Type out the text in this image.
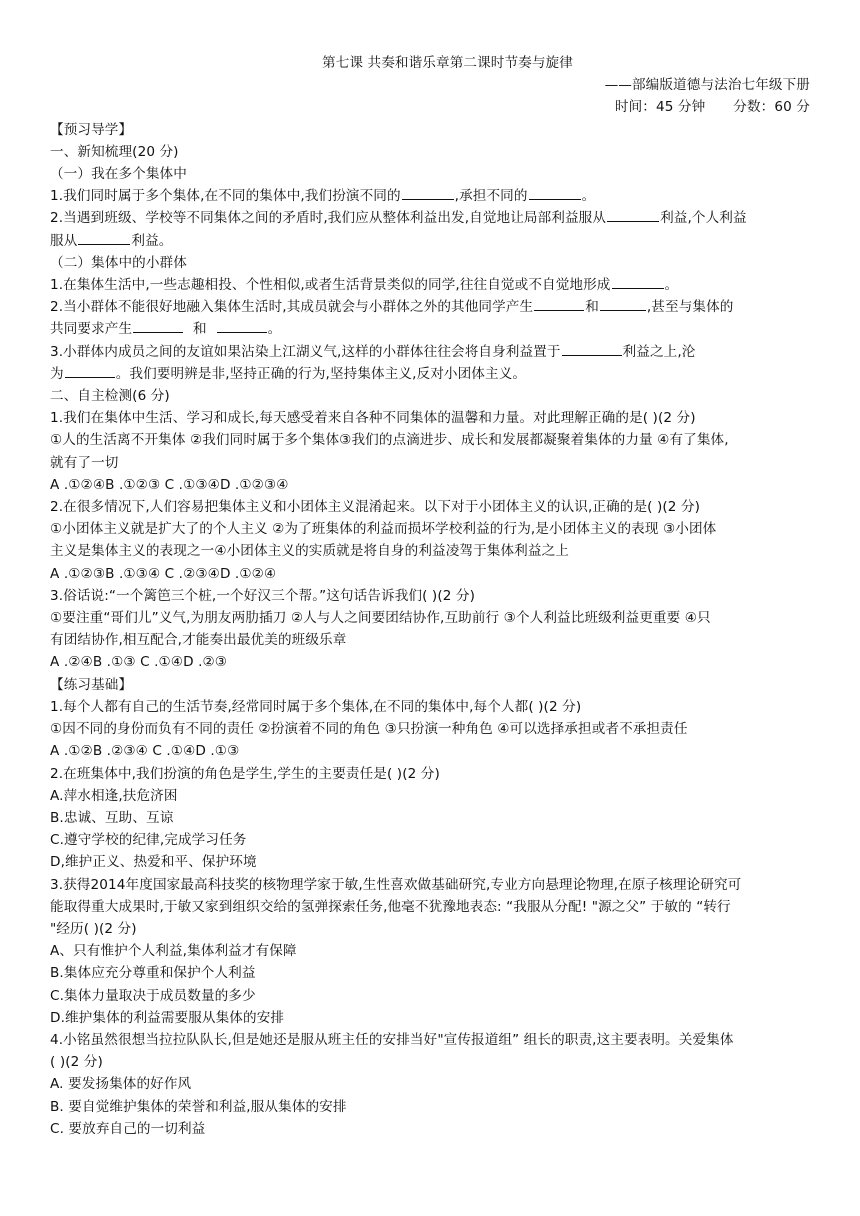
第七课 共奏和谐乐章第二课时节奏与旋律

——部编版道德与法治七年级下册

时间：45 分钟 分数：60 分

【预习导学】

一、新知梳理(20 分)

（一）我在多个集体中

1.我们同时属于多个集体,在不同的集体中,我们扮演不同的	,承担不同的	。

2.当遇到班级、学校等不同集体之间的矛盾时,我们应从整体利益出发,自觉地让局部利益服从	利益,个人利益

服从	利益。

（二）集体中的小群体

1.在集体生活中,一些志趣相投、个性相似,或者生活背景类似的同学,往往自觉或不自觉地形成	。

2.当小群体不能很好地融入集体生活时,其成员就会与小群体之外的其他同学产生	和	,甚至与集体的

共同要求产生	和	。

3.小群体内成员之间的友谊如果沾染上江湖义气,这样的小群体往往会将自身利益置于	利益之上,沦

为	。我们要明辨是非,坚持正确的行为,坚持集体主义,反对小团体主义。

二、自主检测(6 分)

1.我们在集体中生活、学习和成长,每天感受着来自各种不同集体的温馨和力量。对此理解正确的是( )(2 分)

①人的生活离不开集体 ②我们同时属于多个集体③我们的点滴进步、成长和发展都凝聚着集体的力量 ④有了集体,

就有了一切

A .①②④B .①②③ C .①③④D .①②③④

2.在很多情况下,人们容易把集体主义和小团体主义混淆起来。以下对于小团体主义的认识,正确的是( )(2 分)

①小团体主义就是扩大了的个人主义 ②为了班集体的利益而损坏学校利益的行为,是小团体主义的表现 ③小团体

主义是集体主义的表现之一④小团体主义的实质就是将自身的利益凌驾于集体利益之上

A .①②③B .①③④ C .②③④D .①②④

3.俗话说:“一个篱笆三个桩,一个好汉三个帮。”这句话告诉我们( )(2 分)

①要注重“哥们儿”义气,为朋友两肋插刀 ②人与人之间要团结协作,互助前行 ③个人利益比班级利益更重要 ④只

有团结协作,相互配合,才能奏出最优美的班级乐章

A .②④B .①③ C .①④D .②③

【练习基础】

1.每个人都有自己的生活节奏,经常同时属于多个集体,在不同的集体中,每个人都( )(2 分)

①因不同的身份而负有不同的责任 ②扮演着不同的角色 ③只扮演一种角色 ④可以选择承担或者不承担责任

A .①②B .②③④ C .①④D .①③

2.在班集体中,我们扮演的角色是学生,学生的主要责任是( )(2 分)

A.萍水相逢,扶危济困

B.忠诚、互助、互谅

C.遵守学校的纪律,完成学习任务

D,维护正义、热爱和平、保护环境

3.获得2014年度国家最高科技奖的核物理学家于敏,生性喜欢做基础研究,专业方向悬理论物理,在原子核理论研究可

能取得重大成果时,于敏又家到组织交给的氢弹探索任务,他毫不犹豫地表态: “我服从分配! "源之父” 于敏的 “转行

"经历( )(2 分)

A、只有惟护个人利益,集体利益才有保障

B.集体应充分尊重和保护个人利益

C.集体力量取决于成员数量的多少

D.维护集体的利益需要服从集体的安排

4.小铭虽然很想当拉拉队队长,但是她还是服从班主任的安排当好"宣传报道组” 组长的职责,这主要表明。关爱集体

( )(2 分)

A. 要发扬集体的好作风

B. 要自觉维护集体的荣誉和利益,服从集体的安排

C. 要放弃自己的一切利益
